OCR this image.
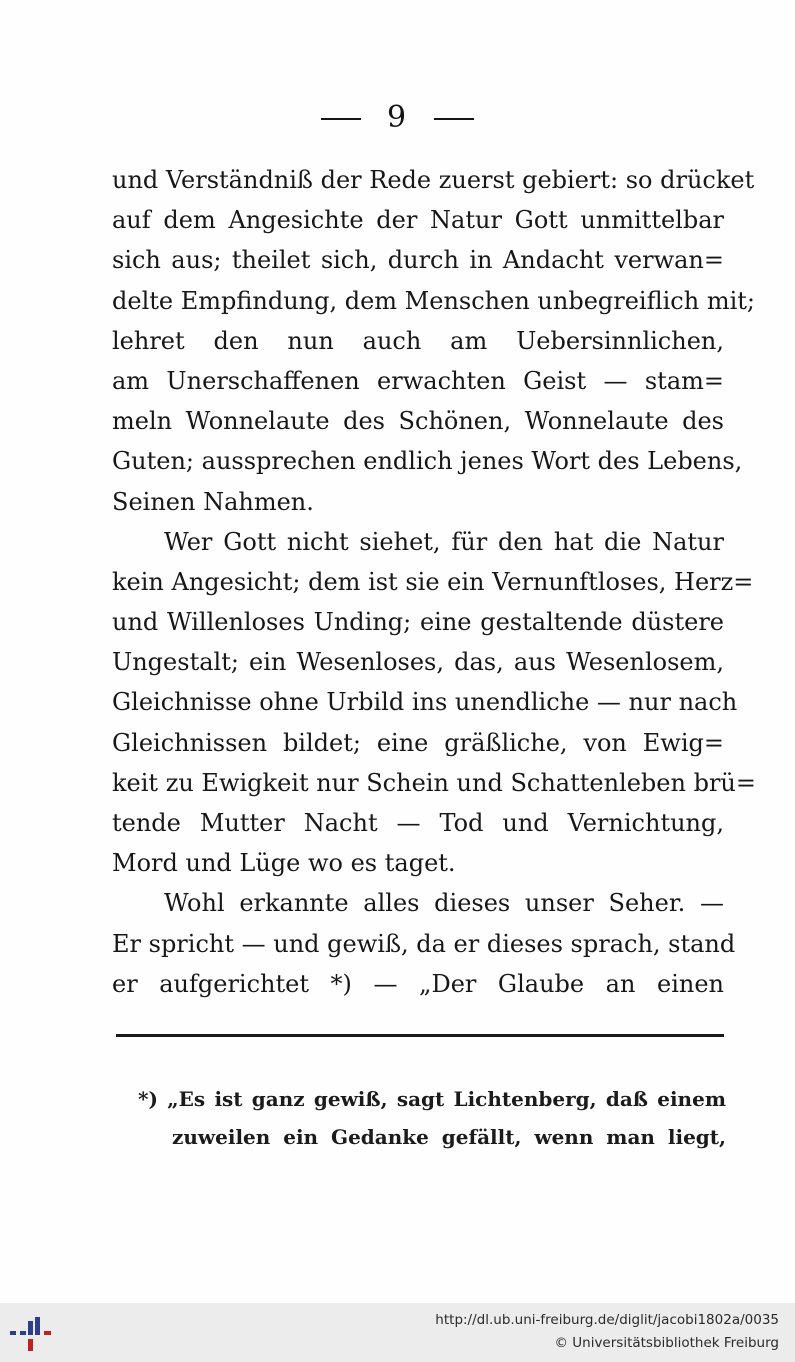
9
und Verständniß der Rede zuerst gebiert: so drücket
auf dem Angesichte der Natur Gott unmittelbar
sich aus; theilet sich, durch in Andacht verwan=
delte Empfindung, dem Menschen unbegreiflich mit;
lehret den nun auch am Uebersinnlichen,
am Unerschaffenen erwachten Geist — stam=
meln Wonnelaute des Schönen, Wonnelaute des
Guten; aussprechen endlich jenes Wort des Lebens,
Seinen Nahmen.
Wer Gott nicht siehet, für den hat die Natur
kein Angesicht; dem ist sie ein Vernunftloses, Herz=
und Willenloses Unding; eine gestaltende düstere
Ungestalt; ein Wesenloses, das, aus Wesenlosem,
Gleichnisse ohne Urbild ins unendliche — nur nach
Gleichnissen bildet; eine gräßliche, von Ewig=
keit zu Ewigkeit nur Schein und Schattenleben brü=
tende Mutter Nacht — Tod und Vernichtung,
Mord und Lüge wo es taget.
Wohl erkannte alles dieses unser Seher. —
Er spricht — und gewiß, da er dieses sprach, stand
er aufgerichtet *) — „Der Glaube an einen
*) „Es ist ganz gewiß, sagt Lichtenberg, daß einem
zuweilen ein Gedanke gefällt, wenn man liegt,
http://dl.ub.uni-freiburg.de/diglit/jacobi1802a/0035
© Universitätsbibliothek Freiburg
